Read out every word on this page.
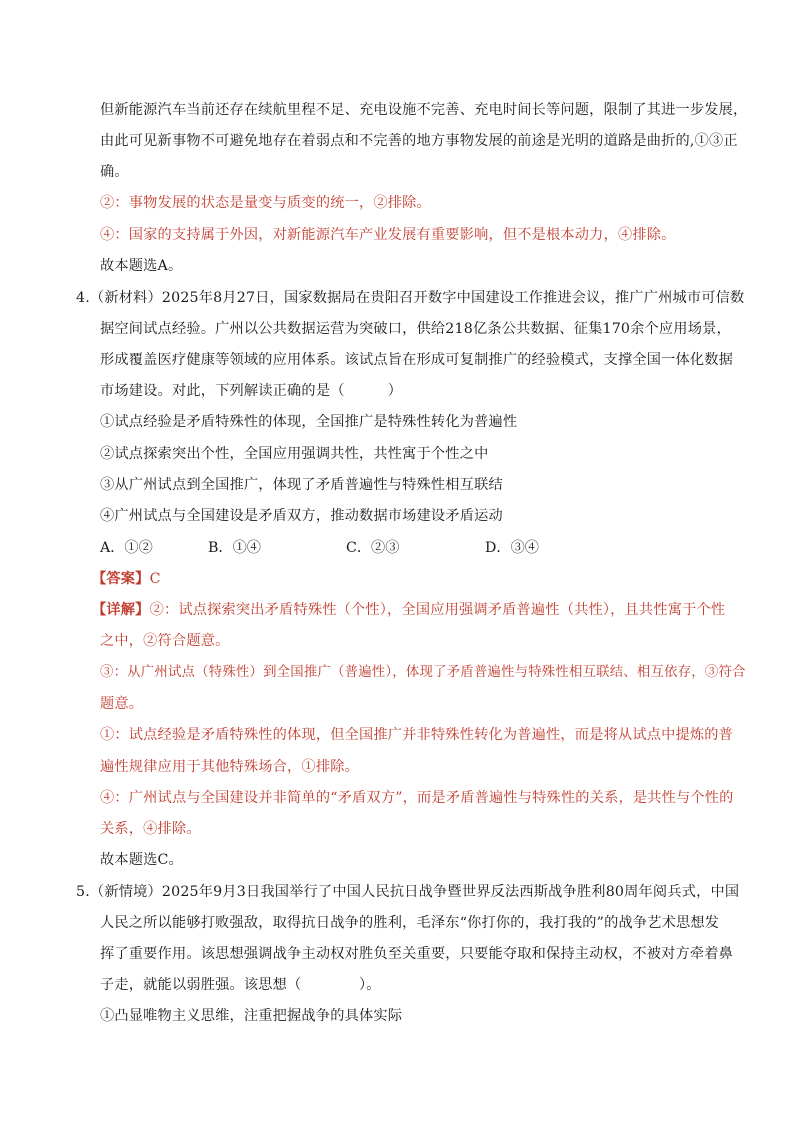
但新能源汽车当前还存在续航里程不足、充电设施不完善、充电时间长等问题，限制了其进一步发展，
由此可见新事物不可避免地存在着弱点和不完善的地方事物发展的前途是光明的道路是曲折的,①③正
确。
②：事物发展的状态是量变与质变的统一，②排除。
④：国家的支持属于外因，对新能源汽车产业发展有重要影响，但不是根本动力，④排除。
故本题选A。
4.（新材料）2025年8月27日，国家数据局在贵阳召开数字中国建设工作推进会议，推广广州城市可信数
据空间试点经验。广州以公共数据运营为突破口，供给218亿条公共数据、征集170余个应用场景，
形成覆盖医疗健康等领域的应用体系。该试点旨在形成可复制推广的经验模式，支撑全国一体化数据
市场建设。对此，下列解读正确的是（　　　）
①试点经验是矛盾特殊性的体现，全国推广是特殊性转化为普遍性
②试点探索突出个性，全国应用强调共性，共性寓于个性之中
③从广州试点到全国推广，体现了矛盾普遍性与特殊性相互联结
④广州试点与全国建设是矛盾双方，推动数据市场建设矛盾运动
A．①②	B．①④	C．②③	D．③④
【答案】C
【详解】②：试点探索突出矛盾特殊性（个性），全国应用强调矛盾普遍性（共性），且共性寓于个性
之中，②符合题意。
③：从广州试点（特殊性）到全国推广（普遍性），体现了矛盾普遍性与特殊性相互联结、相互依存，③符合
题意。
①：试点经验是矛盾特殊性的体现，但全国推广并非特殊性转化为普遍性，而是将从试点中提炼的普
遍性规律应用于其他特殊场合，①排除。
④：广州试点与全国建设并非简单的“矛盾双方”，而是矛盾普遍性与特殊性的关系，是共性与个性的
关系，④排除。
故本题选C。
5.（新情境）2025年9月3日我国举行了中国人民抗日战争暨世界反法西斯战争胜利80周年阅兵式，中国
人民之所以能够打败强敌，取得抗日战争的胜利，毛泽东“你打你的，我打我的”的战争艺术思想发
挥了重要作用。该思想强调战争主动权对胜负至关重要，只要能夺取和保持主动权，不被对方牵着鼻
子走，就能以弱胜强。该思想（　　　　）。
①凸显唯物主义思维，注重把握战争的具体实际
